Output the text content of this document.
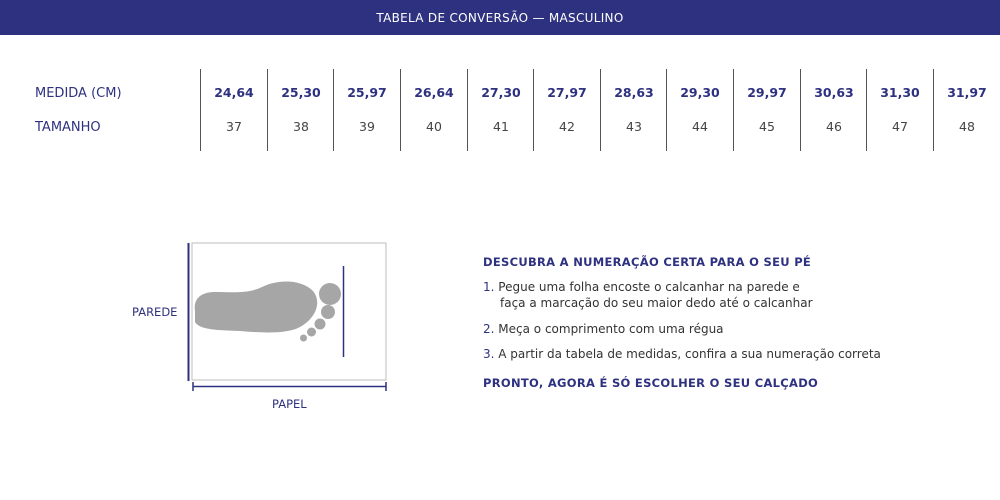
TABELA DE CONVERSÃO — MASCULINO
MEDIDA (CM)
TAMANHO
24,64
37
25,30
38
25,97
39
26,64
40
27,30
41
27,97
42
28,63
43
29,30
44
29,97
45
30,63
46
31,30
47
31,97
48
PAREDE
PAPEL
DESCUBRA A NUMERAÇÃO CERTA PARA O SEU PÉ
1. Pegue uma folha encoste o calcanhar na parede e
faça a marcação do seu maior dedo até o calcanhar
2. Meça o comprimento com uma régua
3. A partir da tabela de medidas, confira a sua numeração correta
PRONTO, AGORA É SÓ ESCOLHER O SEU CALÇADO
